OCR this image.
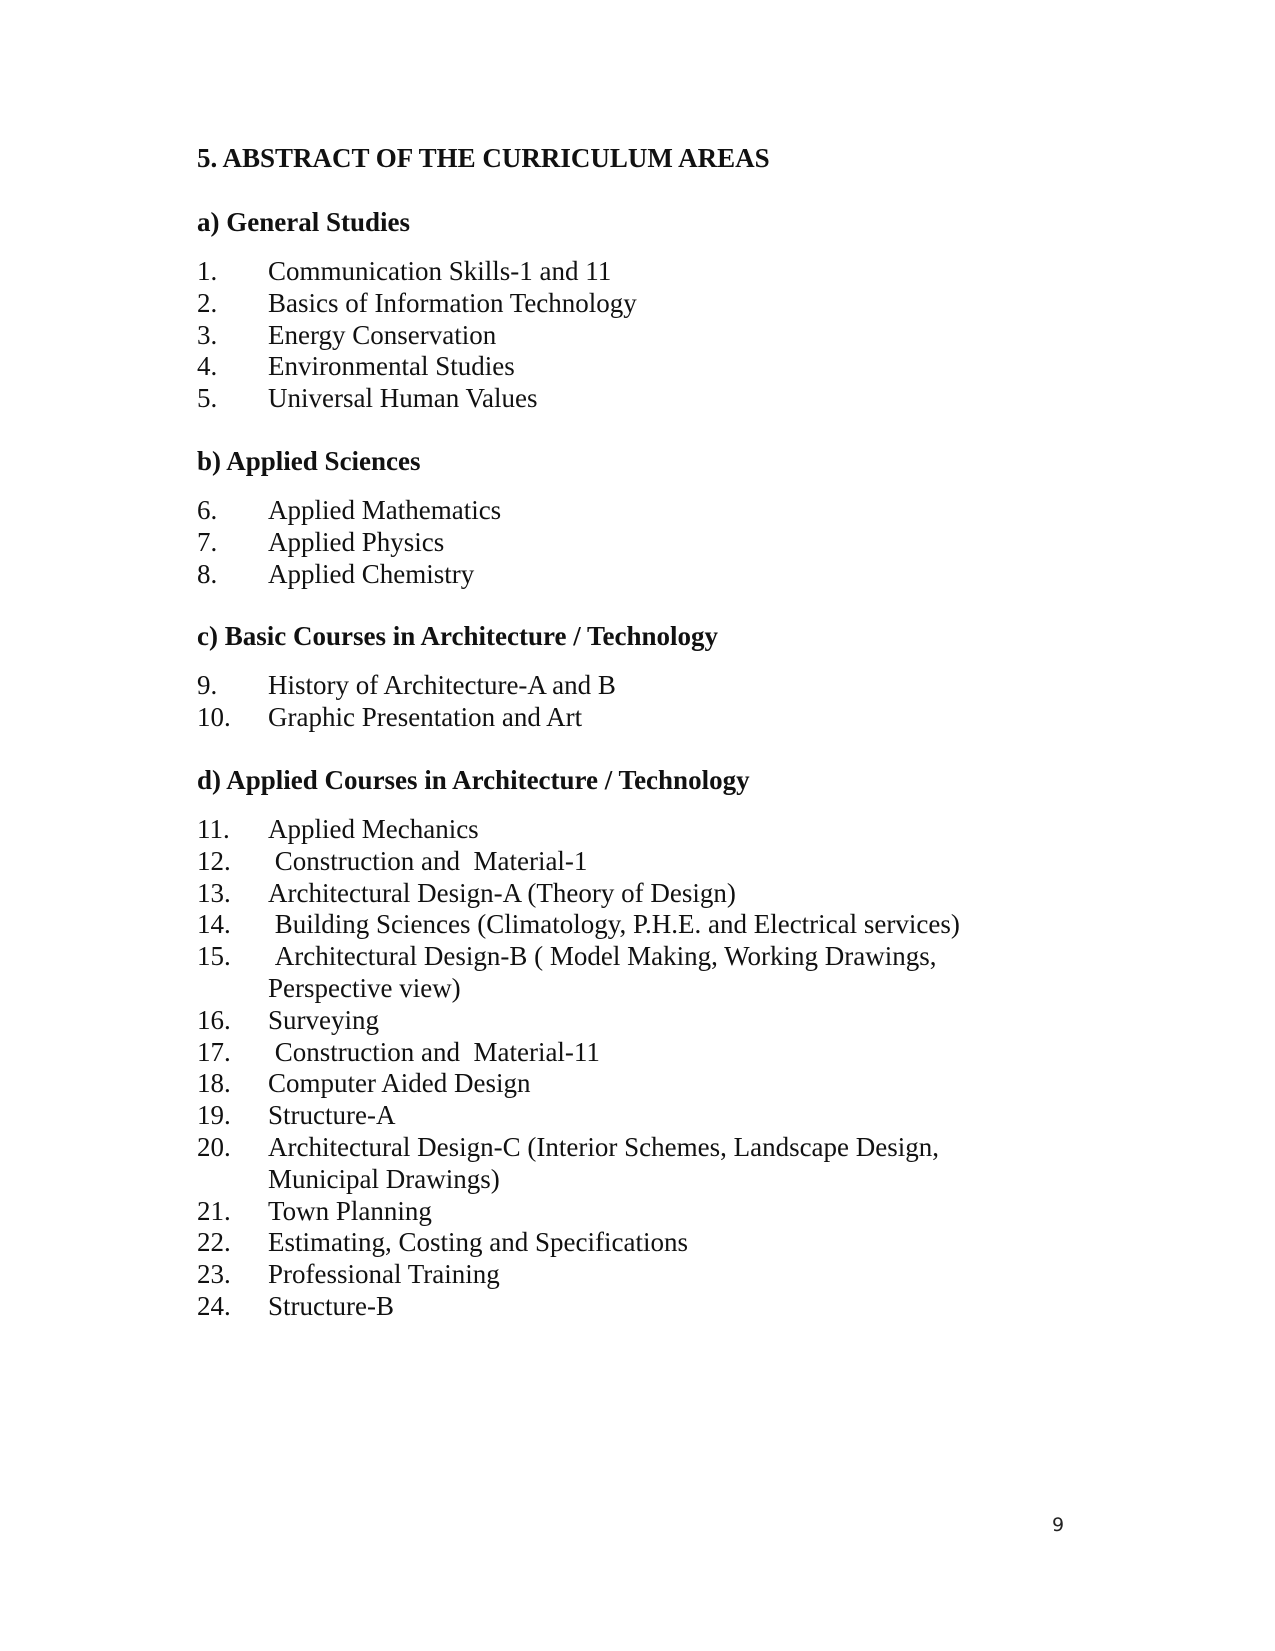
5. ABSTRACT OF THE CURRICULUM AREAS
a) General Studies
1.	Communication Skills-1 and 11
2.	Basics of Information Technology
3.	Energy Conservation
4.	Environmental Studies
5.	Universal Human Values
b) Applied Sciences
6.	Applied Mathematics
7.	Applied Physics
8.	Applied Chemistry
c) Basic Courses in Architecture / Technology
9.	History of Architecture-A and B
10.	Graphic Presentation and Art
d) Applied Courses in Architecture / Technology
11.	Applied Mechanics
12.	Construction and  Material-1
13.	Architectural Design-A (Theory of Design)
14.	Building Sciences (Climatology, P.H.E. and Electrical services)
15.	Architectural Design-B ( Model Making, Working Drawings, Perspective view)
16.	Surveying
17.	Construction and  Material-11
18.	Computer Aided Design
19.	Structure-A
20.	Architectural Design-C (Interior Schemes, Landscape Design, Municipal Drawings)
21.	Town Planning
22.	Estimating, Costing and Specifications
23.	Professional Training
24.	Structure-B
9
